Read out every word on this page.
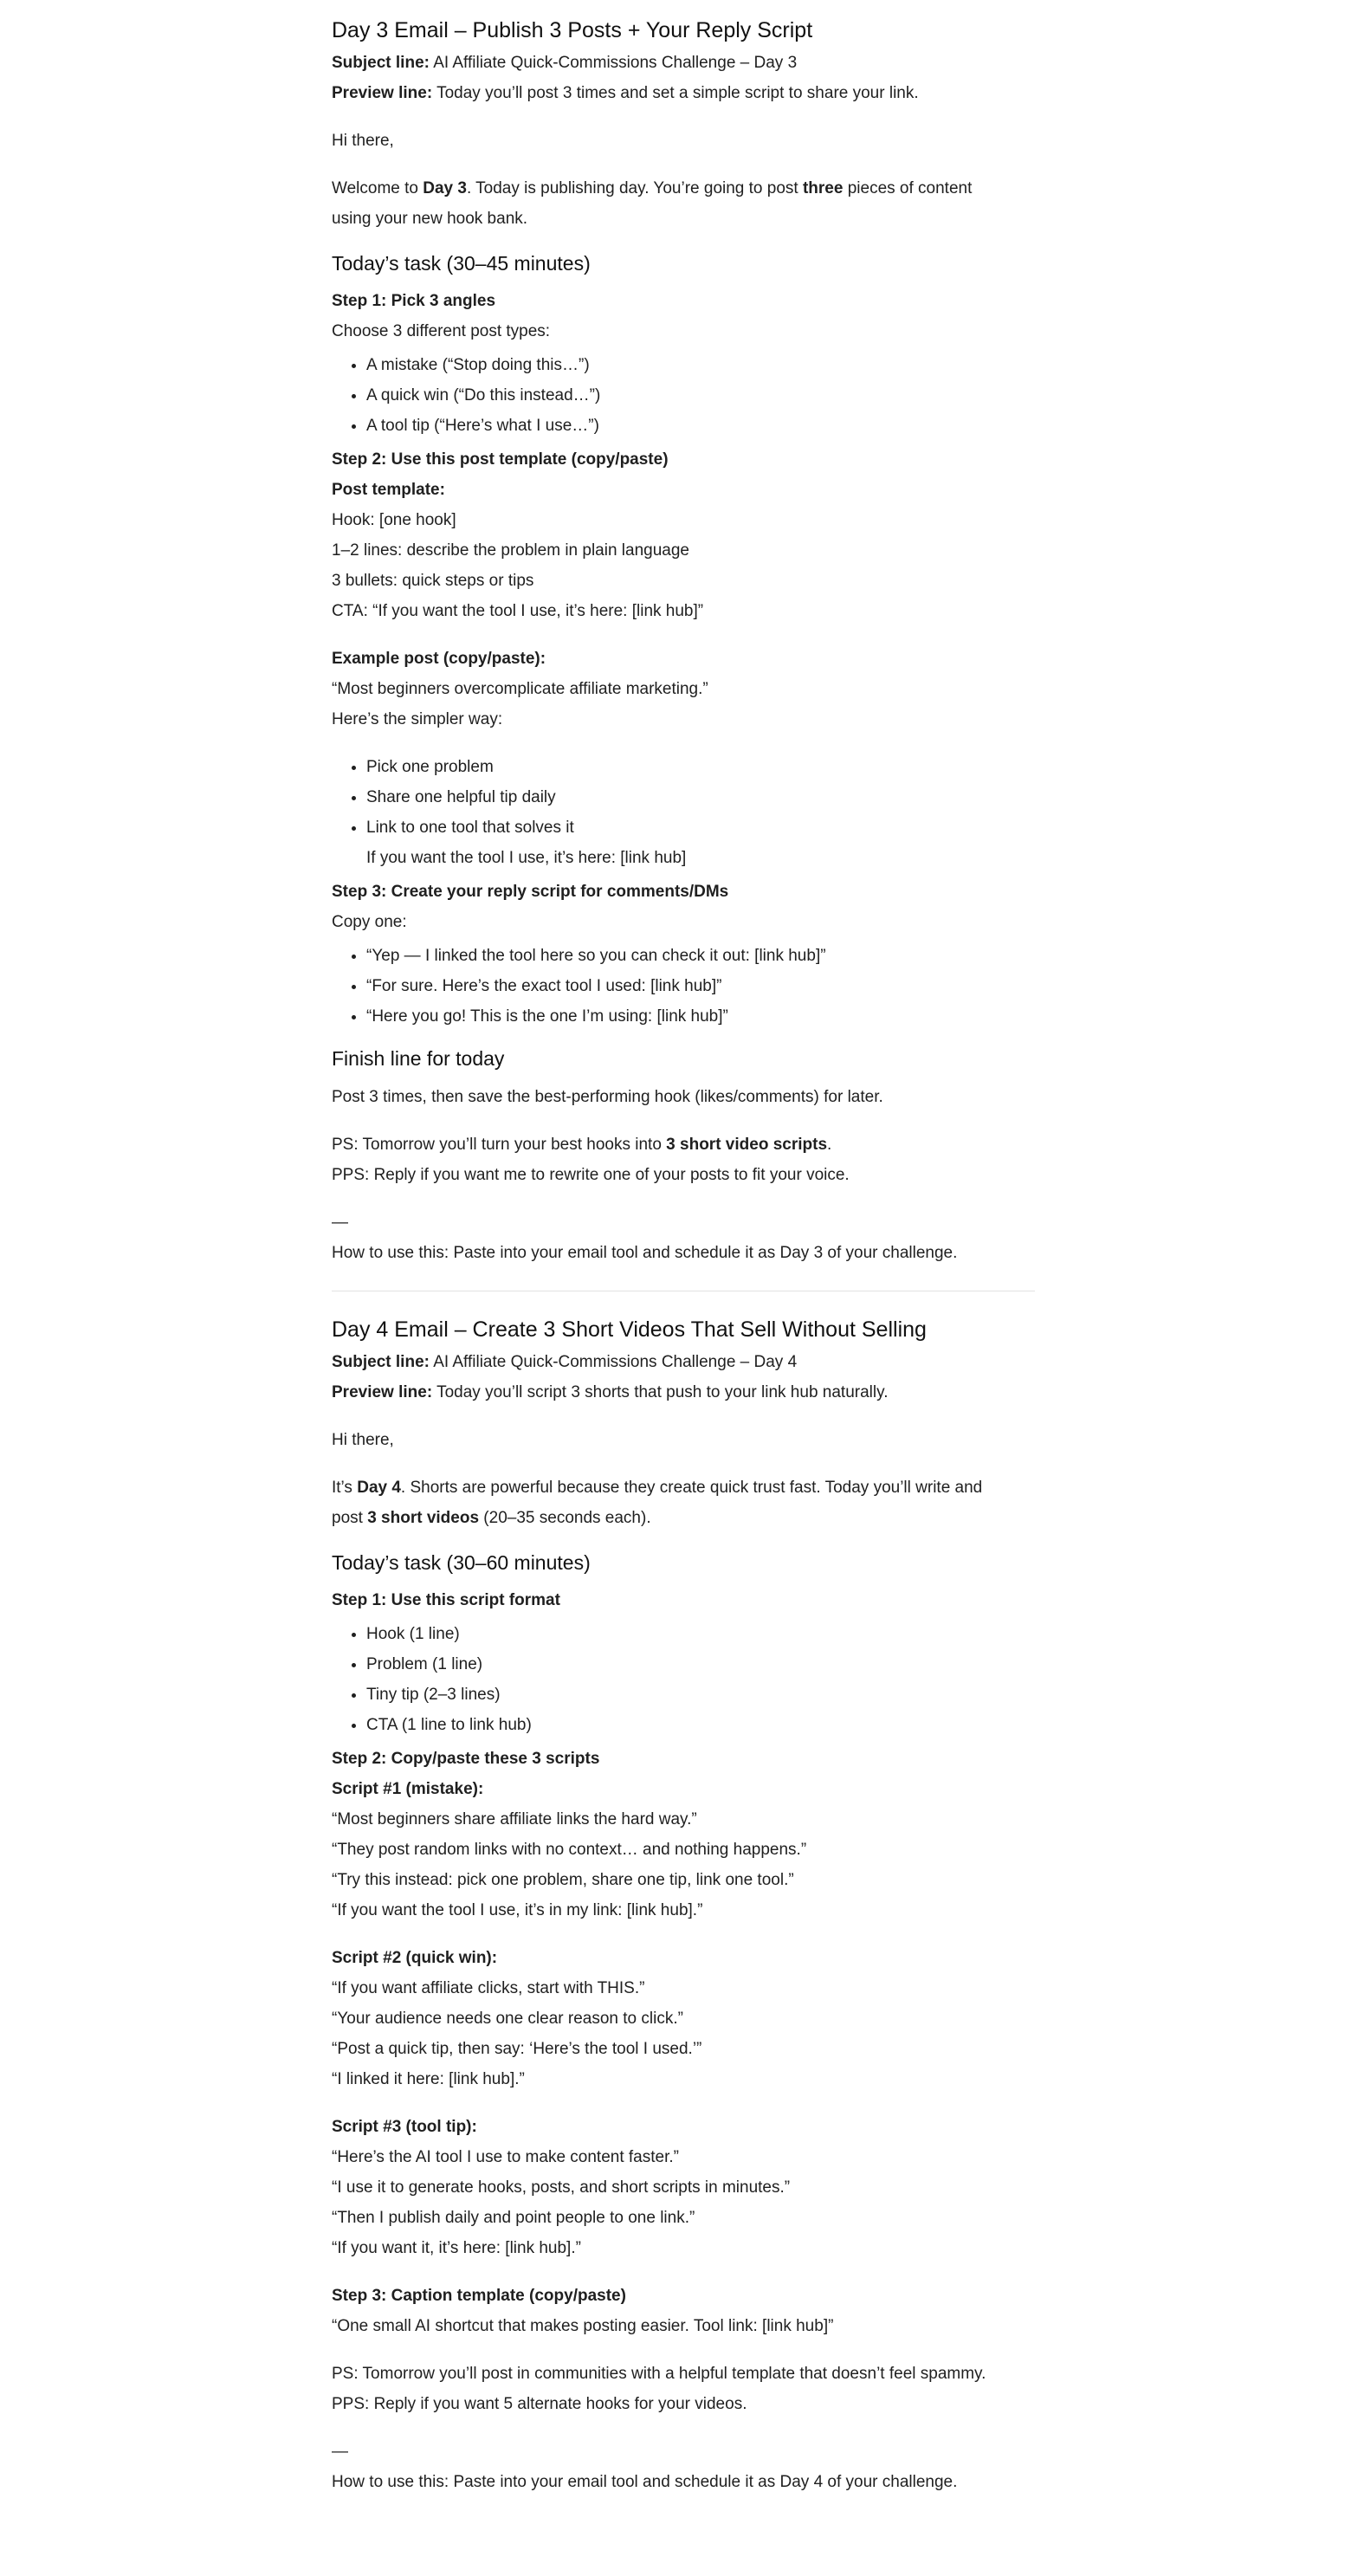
Day 3 Email – Publish 3 Posts + Your Reply Script

Subject line: AI Affiliate Quick-Commissions Challenge – Day 3

Preview line: Today you’ll post 3 times and set a simple script to share your link.

Hi there,

Welcome to Day 3. Today is publishing day. You’re going to post three pieces of content
using your new hook bank.

Today’s task (30–45 minutes)

Step 1: Pick 3 angles

Choose 3 different post types:

• A mistake (“Stop doing this…”)
• A quick win (“Do this instead…”)
• A tool tip (“Here’s what I use…”)

Step 2: Use this post template (copy/paste)

Post template:

Hook: [one hook]

1–2 lines: describe the problem in plain language

3 bullets: quick steps or tips

CTA: “If you want the tool I use, it’s here: [link hub]”

Example post (copy/paste):

“Most beginners overcomplicate affiliate marketing.”

Here’s the simpler way:

• Pick one problem
• Share one helpful tip daily
• Link to one tool that solves it

If you want the tool I use, it’s here: [link hub]

Step 3: Create your reply script for comments/DMs

Copy one:

• “Yep — I linked the tool here so you can check it out: [link hub]”
• “For sure. Here’s the exact tool I used: [link hub]”
• “Here you go! This is the one I’m using: [link hub]”
Finish line for today

Post 3 times, then save the best-performing hook (likes/comments) for later.

PS: Tomorrow you’ll turn your best hooks into 3 short video scripts.

PPS: Reply if you want me to rewrite one of your posts to fit your voice.

—

How to use this: Paste into your email tool and schedule it as Day 3 of your challenge.

Day 4 Email – Create 3 Short Videos That Sell Without Selling

Subject line: AI Affiliate Quick-Commissions Challenge – Day 4

Preview line: Today you’ll script 3 shorts that push to your link hub naturally.

Hi there,

It’s Day 4. Shorts are powerful because they create quick trust fast. Today you’ll write and
post 3 short videos (20–35 seconds each).

Today’s task (30–60 minutes)

Step 1: Use this script format

• Hook (1 line)
• Problem (1 line)
• Tiny tip (2–3 lines)
• CTA (1 line to link hub)

Step 2: Copy/paste these 3 scripts

Script #1 (mistake):

“Most beginners share affiliate links the hard way.”

“They post random links with no context… and nothing happens.”

“Try this instead: pick one problem, share one tip, link one tool.”

“If you want the tool I use, it’s in my link: [link hub].”

Script #2 (quick win):

“If you want affiliate clicks, start with THIS.”

“Your audience needs one clear reason to click.”

“Post a quick tip, then say: ‘Here’s the tool I used.’”

“I linked it here: [link hub].”

Script #3 (tool tip):

“Here’s the AI tool I use to make content faster.”

“I use it to generate hooks, posts, and short scripts in minutes.”

“Then I publish daily and point people to one link.”

“If you want it, it’s here: [link hub].”

Step 3: Caption template (copy/paste)

“One small AI shortcut that makes posting easier. Tool link: [link hub]”

PS: Tomorrow you’ll post in communities with a helpful template that doesn’t feel spammy.

PPS: Reply if you want 5 alternate hooks for your videos.

—

How to use this: Paste into your email tool and schedule it as Day 4 of your challenge.
